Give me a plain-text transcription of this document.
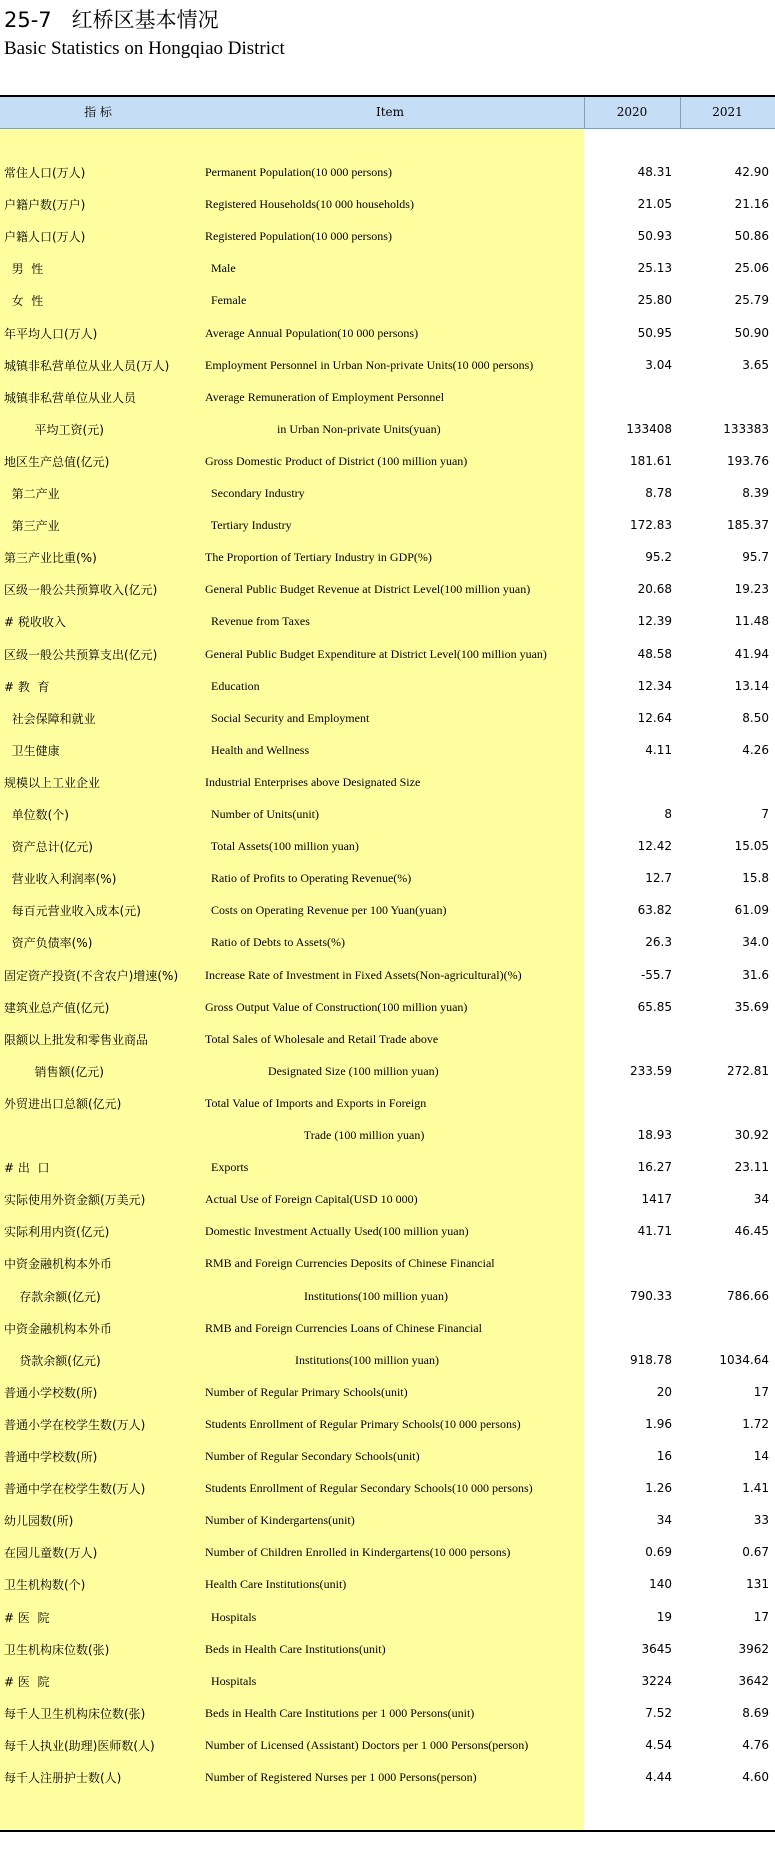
25-7   红桥区基本情况
Basic Statistics on Hongqiao District
指 标	Item	2020	2021
常住人口(万人)	Permanent Population(10 000 persons)	48.31	42.90
户籍户数(万户)	Registered Households(10 000 households)	21.05	21.16
户籍人口(万人)	Registered Population(10 000 persons)	50.93	50.86
男  性	Male	25.13	25.06
女  性	Female	25.80	25.79
年平均人口(万人)	Average Annual Population(10 000 persons)	50.95	50.90
城镇非私营单位从业人员(万人)	Employment Personnel in Urban Non-private Units(10 000 persons)	3.04	3.65
城镇非私营单位从业人员	Average Remuneration of Employment Personnel
平均工资(元)	in Urban Non-private Units(yuan)	133408	133383
地区生产总值(亿元)	Gross Domestic Product of District (100 million yuan)	181.61	193.76
第二产业	Secondary Industry	8.78	8.39
第三产业	Tertiary Industry	172.83	185.37
第三产业比重(%)	The Proportion of Tertiary Industry in GDP(%)	95.2	95.7
区级一般公共预算收入(亿元)	General Public Budget Revenue at District Level(100 million yuan)	20.68	19.23
# 税收收入	Revenue from Taxes	12.39	11.48
区级一般公共预算支出(亿元)	General Public Budget Expenditure at District Level(100 million yuan)	48.58	41.94
# 教  育	Education	12.34	13.14
社会保障和就业	Social Security and Employment	12.64	8.50
卫生健康	Health and Wellness	4.11	4.26
规模以上工业企业	Industrial Enterprises above Designated Size
单位数(个)	Number of Units(unit)	8	7
资产总计(亿元)	Total Assets(100 million yuan)	12.42	15.05
营业收入利润率(%)	Ratio of Profits to Operating Revenue(%)	12.7	15.8
每百元营业收入成本(元)	Costs on Operating Revenue per 100 Yuan(yuan)	63.82	61.09
资产负债率(%)	Ratio of Debts to Assets(%)	26.3	34.0
固定资产投资(不含农户)增速(%) Increase Rate of Investment in Fixed Assets(Non-agricultural)(%)	-55.7	31.6
建筑业总产值(亿元)	Gross Output Value of Construction(100 million yuan)	65.85	35.69
限额以上批发和零售业商品	Total Sales of Wholesale and Retail Trade above
销售额(亿元)	Designated Size (100 million yuan)	233.59	272.81
外贸进出口总额(亿元)	Total Value of Imports and Exports in Foreign
Trade (100 million yuan)	18.93	30.92
# 出  口	Exports	16.27	23.11
实际使用外资金额(万美元)	Actual Use of Foreign Capital(USD 10 000)	1417	34
实际利用内资(亿元)	Domestic Investment Actually Used(100 million yuan)	41.71	46.45
中资金融机构本外币	RMB and Foreign Currencies Deposits of Chinese Financial
存款余额(亿元)	Institutions(100 million yuan)	790.33	786.66
中资金融机构本外币	RMB and Foreign Currencies Loans of Chinese Financial
贷款余额(亿元)	Institutions(100 million yuan)	918.78	1034.64
普通小学校数(所)	Number of Regular Primary Schools(unit)	20	17
普通小学在校学生数(万人)	Students Enrollment of Regular Primary Schools(10 000 persons)	1.96	1.72
普通中学校数(所)	Number of Regular Secondary Schools(unit)	16	14
普通中学在校学生数(万人)	Students Enrollment of Regular Secondary Schools(10 000 persons)	1.26	1.41
幼儿园数(所)	Number of Kindergartens(unit)	34	33
在园儿童数(万人)	Number of Children Enrolled in Kindergartens(10 000 persons)	0.69	0.67
卫生机构数(个)	Health Care Institutions(unit)	140	131
# 医  院	Hospitals	19	17
卫生机构床位数(张)	Beds in Health Care Institutions(unit)	3645	3962
# 医  院	Hospitals	3224	3642
每千人卫生机构床位数(张)	Beds in Health Care Institutions per 1 000 Persons(unit)	7.52	8.69
每千人执业(助理)医师数(人)	Number of Licensed (Assistant) Doctors per 1 000 Persons(person)	4.54	4.76
每千人注册护士数(人)	Number of Registered Nurses per 1 000 Persons(person)	4.44	4.60
